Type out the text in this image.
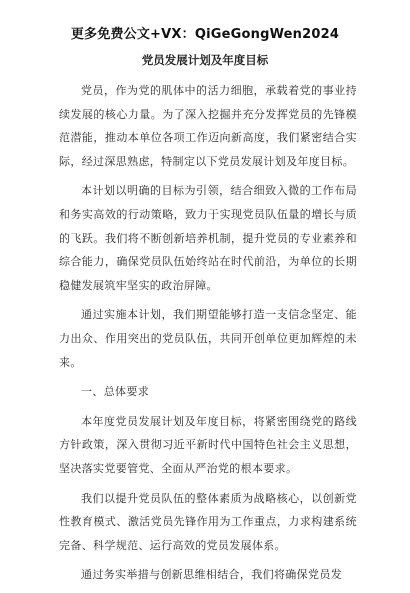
更多免费公文+VX：QiGeGongWen2024
党员发展计划及年度目标

党员，作为党的肌体中的活力细胞，承载着党的事业持续发展的核心力量。为了深入挖掘并充分发挥党员的先锋模范潜能，推动本单位各项工作迈向新高度，我们紧密结合实际，经过深思熟虑，特制定以下党员发展计划及年度目标。

本计划以明确的目标为引领，结合细致入微的工作布局和务实高效的行动策略，致力于实现党员队伍量的增长与质的飞跃。我们将不断创新培养机制，提升党员的专业素养和综合能力，确保党员队伍始终站在时代前沿，为单位的长期稳健发展筑牢坚实的政治屏障。

通过实施本计划，我们期望能够打造一支信念坚定、能力出众、作用突出的党员队伍，共同开创单位更加辉煌的未来。

一、总体要求

本年度党员发展计划及年度目标，将紧密围绕党的路线方针政策，深入贯彻习近平新时代中国特色社会主义思想，坚决落实党要管党、全面从严治党的根本要求。

我们以提升党员队伍的整体素质为战略核心，以创新党性教育模式、激活党员先锋作用为工作重点，力求构建系统完备、科学规范、运行高效的党员发展体系。

通过务实举措与创新思维相结合，我们将确保党员发
